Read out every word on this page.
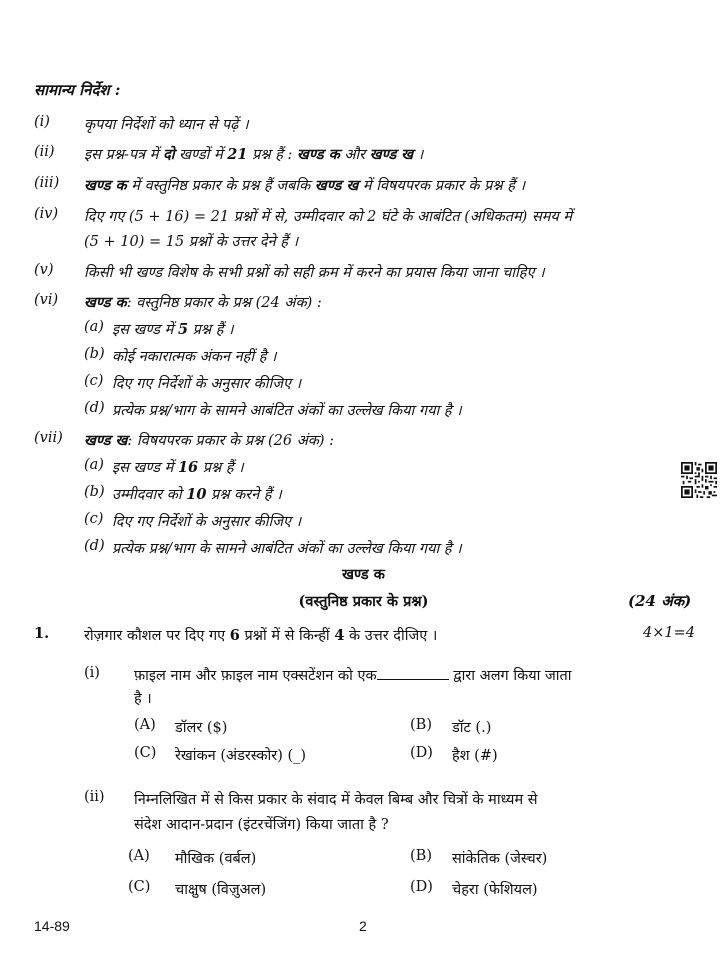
सामान्य निर्देश :
(i) कृपया निर्देशों को ध्यान से पढ़ें ।
(ii) इस प्रश्न-पत्र में दो खण्डों में 21 प्रश्न हैं : खण्ड क और खण्ड ख ।
(iii) खण्ड क में वस्तुनिष्ठ प्रकार के प्रश्न हैं जबकि खण्ड ख में विषयपरक प्रकार के प्रश्न हैं ।
(iv) दिए गए (5 + 16) = 21 प्रश्नों में से, उम्मीदवार को 2 घंटे के आबंटित (अधिकतम) समय में
(5 + 10) = 15 प्रश्नों के उत्तर देने हैं ।
(v) किसी भी खण्ड विशेष के सभी प्रश्नों को सही क्रम में करने का प्रयास किया जाना चाहिए ।
(vi) खण्ड क: वस्तुनिष्ठ प्रकार के प्रश्न (24 अंक) :
(a) इस खण्ड में 5 प्रश्न हैं ।
(b) कोई नकारात्मक अंकन नहीं है ।
(c) दिए गए निर्देशों के अनुसार कीजिए ।
(d) प्रत्येक प्रश्न/भाग के सामने आबंटित अंकों का उल्लेख किया गया है ।
(vii) खण्ड ख: विषयपरक प्रकार के प्रश्न (26 अंक) :
(a) इस खण्ड में 16 प्रश्न हैं ।
(b) उम्मीदवार को 10 प्रश्न करने हैं ।
(c) दिए गए निर्देशों के अनुसार कीजिए ।
(d) प्रत्येक प्रश्न/भाग के सामने आबंटित अंकों का उल्लेख किया गया है ।
खण्ड क
(वस्तुनिष्ठ प्रकार के प्रश्न)	(24 अंक)
1. रोज़गार कौशल पर दिए गए 6 प्रश्नों में से किन्हीं 4 के उत्तर दीजिए ।	4×1=4
(i) फ़ाइल नाम और फ़ाइल नाम एक्सटेंशन को एक	द्वारा अलग किया जाता
है ।
(A) डॉलर ($)	(B) डॉट (.)
(C) रेखांकन (अंडरस्कोर) (_)	(D) हैश (#)
(ii) निम्नलिखित में से किस प्रकार के संवाद में केवल बिम्ब और चित्रों के माध्यम से
संदेश आदान-प्रदान (इंटरचेंजिंग) किया जाता है ?
(A) मौखिक (वर्बल)	(B) सांकेतिक (जेस्चर)
(C) चाक्षुष (विज़ुअल)	(D) चेहरा (फेशियल)
14-89	2
